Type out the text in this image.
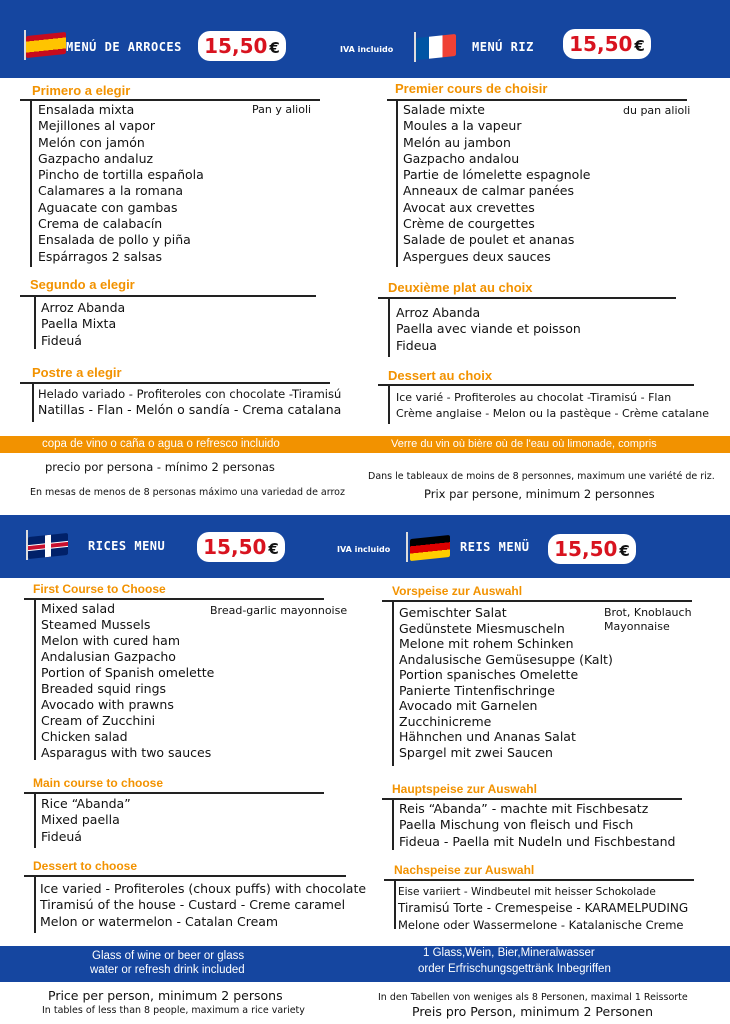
MENÚ DE ARROCES	15,50 €	IVA incluido	MENÚ RIZ	15,50 €
Primero a elegir
Ensalada mixta
Mejillones al vapor
Melón con jamón
Gazpacho andaluz
Pincho de tortilla española
Calamares a la romana
Aguacate con gambas
Crema de calabacín
Ensalada de pollo y piña
Espárragos 2 salsas
Pan y alioli
Segundo a elegir
Arroz Abanda
Paella Mixta
Fideuá
Postre a elegir
Helado variado - Profiteroles con chocolate -Tiramisú
Natillas - Flan - Melón o sandía - Crema catalana
Premier cours de choisir
Salade mixte
Moules a la vapeur
Melón au jambon
Gazpacho andalou
Partie de lómelette espagnole
Anneaux de calmar panées
Avocat aux crevettes
Crème de courgettes
Salade de poulet et ananas
Aspergues deux sauces
du pan alioli
Deuxième plat au choix
Arroz Abanda
Paella avec viande et poisson
Fideua
Dessert au choix
Ice varié - Profiteroles au chocolat -Tiramisú - Flan
Crème anglaise - Melon ou la pastèque - Crème catalane
copa de vino o caña o agua o refresco incluido	Verre du vin où bière où de l'eau où limonade, compris
precio por persona - mínimo 2 personas
En mesas de menos de 8 personas máximo una variedad de arroz
Dans le tableaux de moins de 8 personnes, maximum une variété de riz.
Prix par persone, minimum 2 personnes
RICES MENU	15,50 €	IVA incluido	REIS MENÜ	15,50 €
First Course to Choose
Mixed salad
Steamed Mussels
Melon with cured ham
Andalusian Gazpacho
Portion of Spanish omelette
Breaded squid rings
Avocado with prawns
Cream of Zucchini
Chicken salad
Asparagus with two sauces
Bread-garlic mayonnoise
Main course to choose
Rice “Abanda”
Mixed paella
Fideuá
Dessert to choose
Ice varied - Profiteroles (choux puffs) with chocolate
Tiramisú of the house - Custard - Creme caramel
Melon or watermelon - Catalan Cream
Vorspeise zur Auswahl
Gemischter Salat
Gedünstete Miesmuscheln
Melone mit rohem Schinken
Andalusische Gemüsesuppe (Kalt)
Portion spanisches Omelette
Panierte Tintenfischringe
Avocado mit Garnelen
Zucchinicreme
Hähnchen und Ananas Salat
Spargel mit zwei Saucen
Brot, Knoblauch
Mayonnaise
Hauptspeise zur Auswahl
Reis “Abanda” - machte mit Fischbesatz
Paella Mischung von fleisch und Fisch
Fideua - Paella mit Nudeln und Fischbestand
Nachspeise zur Auswahl
Eise variiert - Windbeutel mit heisser Schokolade
Tiramisú Torte - Cremespeise - KARAMELPUDING
Melone oder Wassermelone - Katalanische Creme
Glass of wine or beer or glass
water or refresh drink included
1 Glass,Wein, Bier,Mineralwasser
order Erfrischungsgettränk Inbegriffen
Price per person, minimum 2 persons
In tables of less than 8 people, maximum a rice variety
In den Tabellen von weniges als 8 Personen, maximal 1 Reissorte
Preis pro Person, minimum 2 Personen
